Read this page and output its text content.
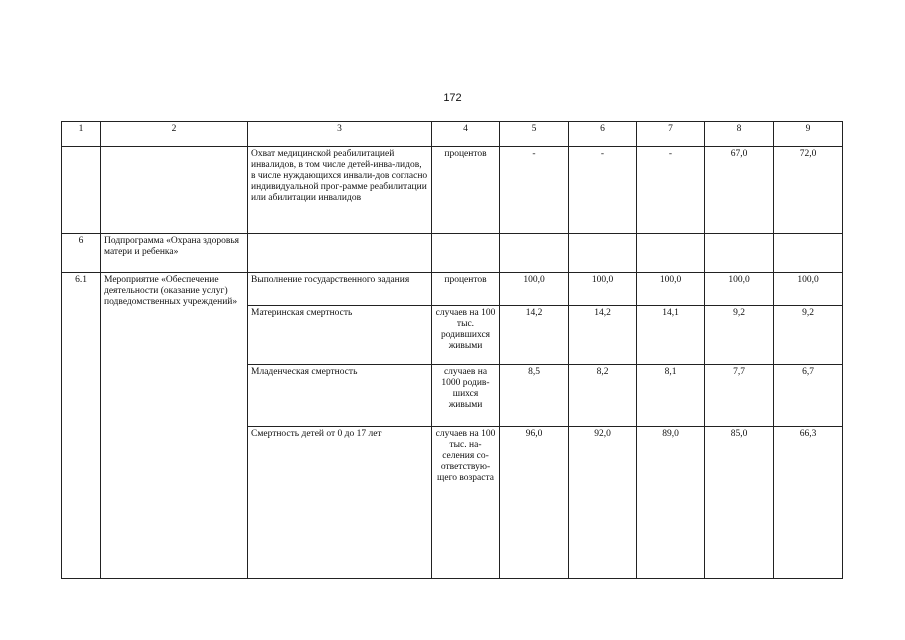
172
1	2	3	4	5	6	7	8	9
		Охват медицинской реабилитацией инвалидов, в том числе детей-инва-лидов, в числе нуждающихся инвали-дов согласно индивидуальной прог-рамме реабилитации или абилитации инвалидов	процентов	-	-	-	67,0	72,0
6	Подпрограмма «Охрана здоровья матери и ребенка»							
6.1	Мероприятие «Обеспечение деятельности (оказание услуг) подведомственных учреждений»	Выполнение государственного задания	процентов	100,0	100,0	100,0	100,0	100,0
		Материнская смертность	случаев на 100 тыс. родившихся живыми	14,2	14,2	14,1	9,2	9,2
		Младенческая смертность	случаев на 1000 родив-шихся живыми	8,5	8,2	8,1	7,7	6,7
		Смертность детей от 0 до 17 лет	случаев на 100 тыс. на-селения со-ответствую-щего возраста	96,0	92,0	89,0	85,0	66,3
